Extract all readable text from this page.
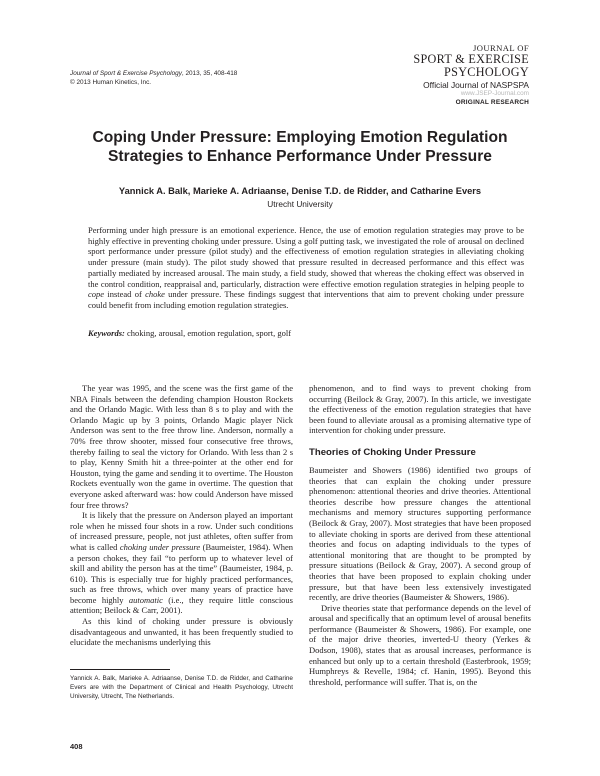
Journal of Sport & Exercise Psychology, 2013, 35, 408-418
© 2013 Human Kinetics, Inc.
JOURNAL OF
SPORT & EXERCISE
PSYCHOLOGY
Official Journal of NASPSPA
www.JSEP-Journal.com
ORIGINAL RESEARCH
Coping Under Pressure: Employing Emotion Regulation
Strategies to Enhance Performance Under Pressure
Yannick A. Balk, Marieke A. Adriaanse, Denise T.D. de Ridder, and Catharine Evers
Utrecht University

Performing under high pressure is an emotional experience. Hence, the use of emotion regulation strategies may prove to be highly effective in preventing choking under pressure. Using a golf putting task, we investigated the role of arousal on declined sport performance under pressure (pilot study) and the effectiveness of emotion regulation strategies in alleviating choking under pressure (main study). The pilot study showed that pressure resulted in decreased performance and this effect was partially mediated by increased arousal. The main study, a field study, showed that whereas the choking effect was observed in the control condition, reappraisal and, particularly, distraction were effective emotion regulation strategies in helping people to cope instead of choke under pressure. These findings suggest that interventions that aim to prevent choking under pressure could benefit from including emotion regulation strategies.

Keywords: choking, arousal, emotion regulation, sport, golf

The year was 1995, and the scene was the first game of the NBA Finals between the defending champion Houston Rockets and the Orlando Magic. With less than 8 s to play and with the Orlando Magic up by 3 points, Orlando Magic player Nick Anderson was sent to the free throw line. Anderson, normally a 70% free throw shooter, missed four consecutive free throws, thereby failing to seal the victory for Orlando. With less than 2 s to play, Kenny Smith hit a three-pointer at the other end for Houston, tying the game and sending it to overtime. The Houston Rockets eventually won the game in overtime. The question that everyone asked afterward was: how could Anderson have missed four free throws?

It is likely that the pressure on Anderson played an important role when he missed four shots in a row. Under such conditions of increased pressure, people, not just athletes, often suffer from what is called choking under pressure (Baumeister, 1984). When a person chokes, they fail “to perform up to whatever level of skill and ability the person has at the time” (Baumeister, 1984, p. 610). This is especially true for highly practiced performances, such as free throws, which over many years of practice have become highly automatic (i.e., they require little conscious attention; Beilock & Carr, 2001).

As this kind of choking under pressure is obviously disadvantageous and unwanted, it has been frequently studied to elucidate the mechanisms underlying this

phenomenon, and to find ways to prevent choking from occurring (Beilock & Gray, 2007). In this article, we investigate the effectiveness of the emotion regulation strategies that have been found to alleviate arousal as a promising alternative type of intervention for choking under pressure.

Theories of Choking Under Pressure

Baumeister and Showers (1986) identified two groups of theories that can explain the choking under pressure phenomenon: attentional theories and drive theories. Attentional theories describe how pressure changes the attentional mechanisms and memory structures supporting performance (Beilock & Gray, 2007). Most strategies that have been proposed to alleviate choking in sports are derived from these attentional theories and focus on adapting individuals to the types of attentional monitoring that are thought to be prompted by pressure situations (Beilock & Gray, 2007). A second group of theories that have been proposed to explain choking under pressure, but that have been less extensively investigated recently, are drive theories (Baumeister & Showers, 1986).

Drive theories state that performance depends on the level of arousal and specifically that an optimum level of arousal benefits performance (Baumeister & Showers, 1986). For example, one of the major drive theories, inverted-U theory (Yerkes & Dodson, 1908), states that as arousal increases, performance is enhanced but only up to a certain threshold (Easterbrook, 1959; Humphreys & Revelle, 1984; cf. Hanin, 1995). Beyond this threshold, performance will suffer. That is, on the

Yannick A. Balk, Marieke A. Adriaanse, Denise T.D. de Ridder, and Catharine Evers are with the Department of Clinical and Health Psychology, Utrecht University, Utrecht, The Netherlands.

408
